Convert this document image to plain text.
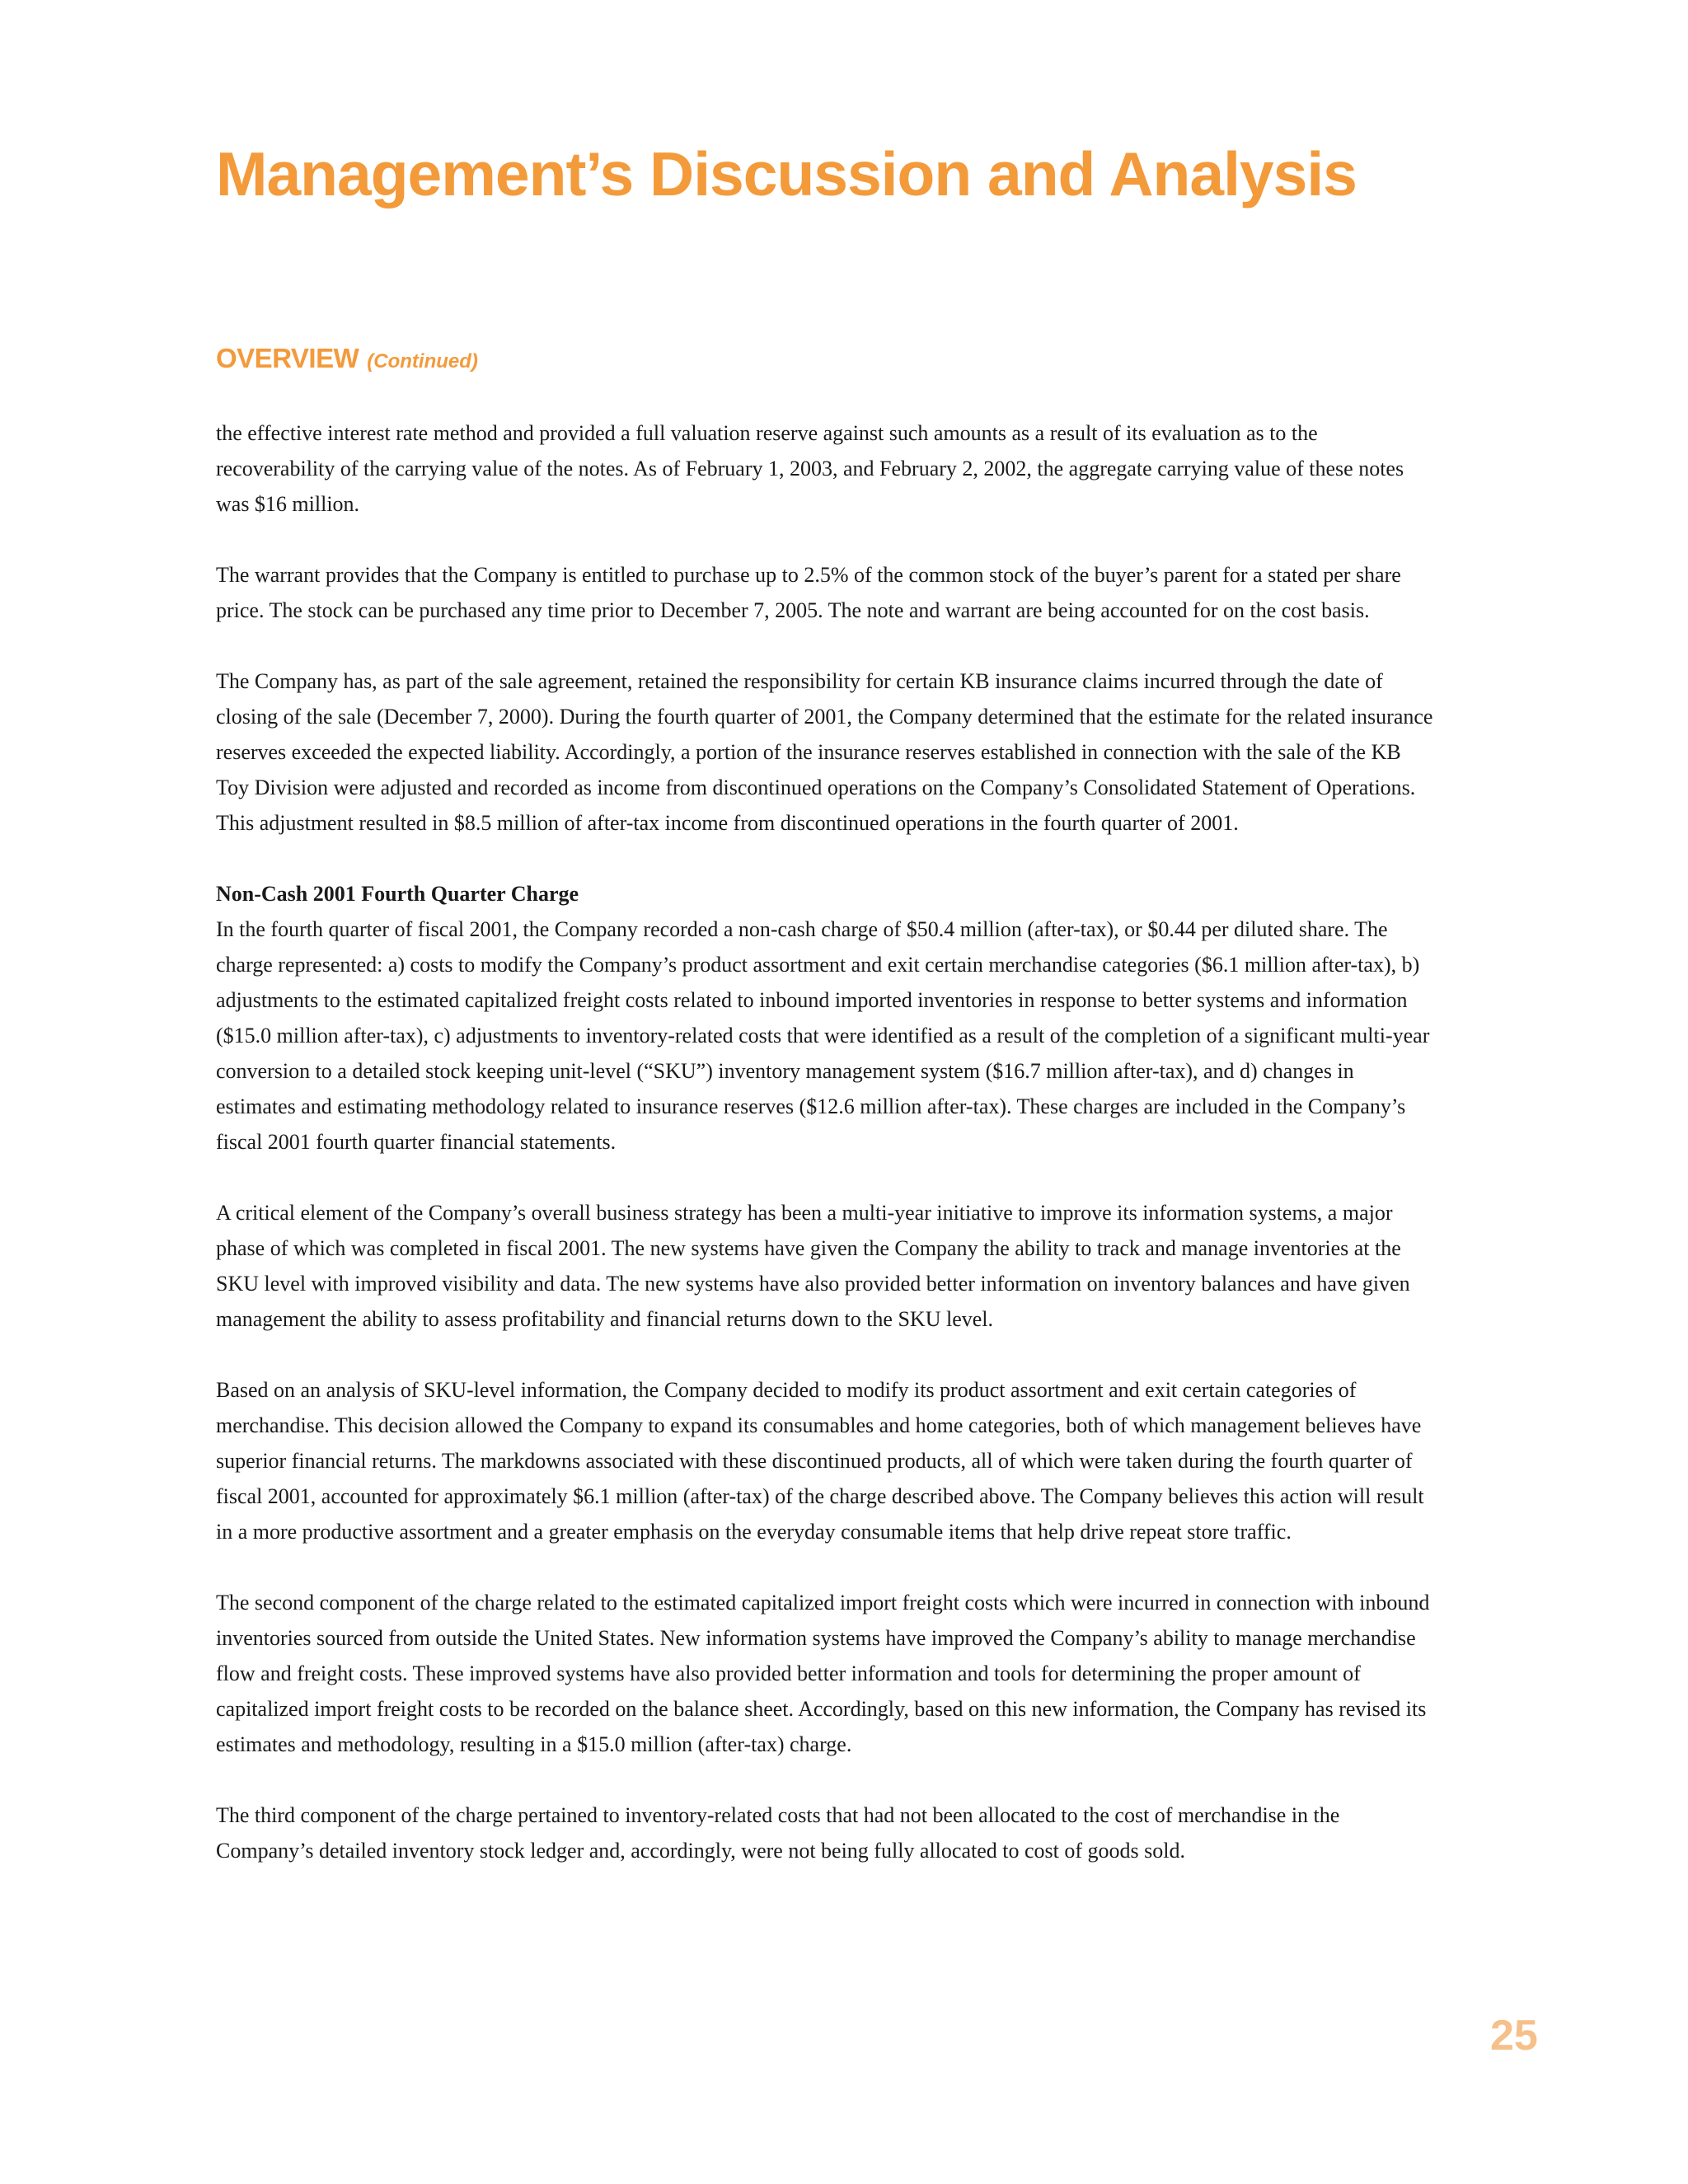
Management’s Discussion and Analysis
OVERVIEW (Continued)

the effective interest rate method and provided a full valuation reserve against such amounts as a result of its evaluation as to the recoverability of the carrying value of the notes. As of February 1, 2003, and February 2, 2002, the aggregate carrying value of these notes was $16 million.

The warrant provides that the Company is entitled to purchase up to 2.5% of the common stock of the buyer’s parent for a stated per share price. The stock can be purchased any time prior to December 7, 2005. The note and warrant are being accounted for on the cost basis.

The Company has, as part of the sale agreement, retained the responsibility for certain KB insurance claims incurred through the date of closing of the sale (December 7, 2000). During the fourth quarter of 2001, the Company determined that the estimate for the related insurance reserves exceeded the expected liability. Accordingly, a portion of the insurance reserves established in connection with the sale of the KB Toy Division were adjusted and recorded as income from discontinued operations on the Company’s Consolidated Statement of Operations. This adjustment resulted in $8.5 million of after-tax income from discontinued operations in the fourth quarter of 2001.

Non-Cash 2001 Fourth Quarter Charge

In the fourth quarter of fiscal 2001, the Company recorded a non-cash charge of $50.4 million (after-tax), or $0.44 per diluted share. The charge represented: a) costs to modify the Company’s product assortment and exit certain merchandise categories ($6.1 million after-tax), b) adjustments to the estimated capitalized freight costs related to inbound imported inventories in response to better systems and information ($15.0 million after-tax), c) adjustments to inventory-related costs that were identified as a result of the completion of a significant multi-year conversion to a detailed stock keeping unit-level (“SKU”) inventory management system ($16.7 million after-tax), and d) changes in estimates and estimating methodology related to insurance reserves ($12.6 million after-tax). These charges are included in the Company’s fiscal 2001 fourth quarter financial statements.

A critical element of the Company’s overall business strategy has been a multi-year initiative to improve its information systems, a major phase of which was completed in fiscal 2001. The new systems have given the Company the ability to track and manage inventories at the SKU level with improved visibility and data. The new systems have also provided better information on inventory balances and have given management the ability to assess profitability and financial returns down to the SKU level.

Based on an analysis of SKU-level information, the Company decided to modify its product assortment and exit certain categories of merchandise. This decision allowed the Company to expand its consumables and home categories, both of which management believes have superior financial returns. The markdowns associated with these discontinued products, all of which were taken during the fourth quarter of fiscal 2001, accounted for approximately $6.1 million (after-tax) of the charge described above. The Company believes this action will result in a more productive assortment and a greater emphasis on the everyday consumable items that help drive repeat store traffic.

The second component of the charge related to the estimated capitalized import freight costs which were incurred in connection with inbound inventories sourced from outside the United States. New information systems have improved the Company’s ability to manage merchandise flow and freight costs. These improved systems have also provided better information and tools for determining the proper amount of capitalized import freight costs to be recorded on the balance sheet. Accordingly, based on this new information, the Company has revised its estimates and methodology, resulting in a $15.0 million (after-tax) charge.

The third component of the charge pertained to inventory-related costs that had not been allocated to the cost of merchandise in the Company’s detailed inventory stock ledger and, accordingly, were not being fully allocated to cost of goods sold.

25
